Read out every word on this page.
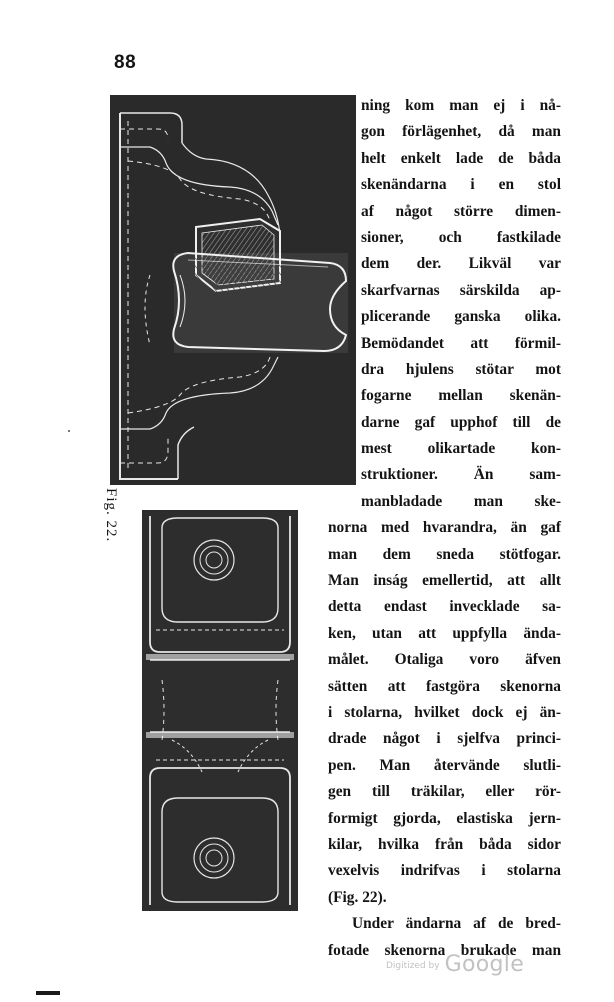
88
Fig. 22.
ning kom man ej i nå-
gon förlägenhet, då man
helt enkelt lade de båda
skenändarna i en stol
af något större dimen-
sioner, och fastkilade
dem der. Likväl var
skarfvarnas särskilda ap-
plicerande ganska olika.
Bemödandet att förmil-
dra hjulens stötar mot
fogarne mellan skenän-
darne gaf upphof till de
mest olikartade kon-
struktioner. Än sam-
manbladade man ske-
norna med hvarandra, än gaf
man dem sneda stötfogar.
Man inság emellertid, att allt
detta endast invecklade sa-
ken, utan att uppfylla ända-
målet. Otaliga voro äfven
sätten att fastgöra skenorna
i stolarna, hvilket dock ej än-
drade något i sjelfva princi-
pen. Man återvände slutli-
gen till träkilar, eller rör-
formigt gjorda, elastiska jern-
kilar, hvilka från båda sidor
vexelvis indrifvas i stolarna
(Fig. 22).
Under ändarna af de bred-
fotade skenorna brukade man
Digitized by Google
